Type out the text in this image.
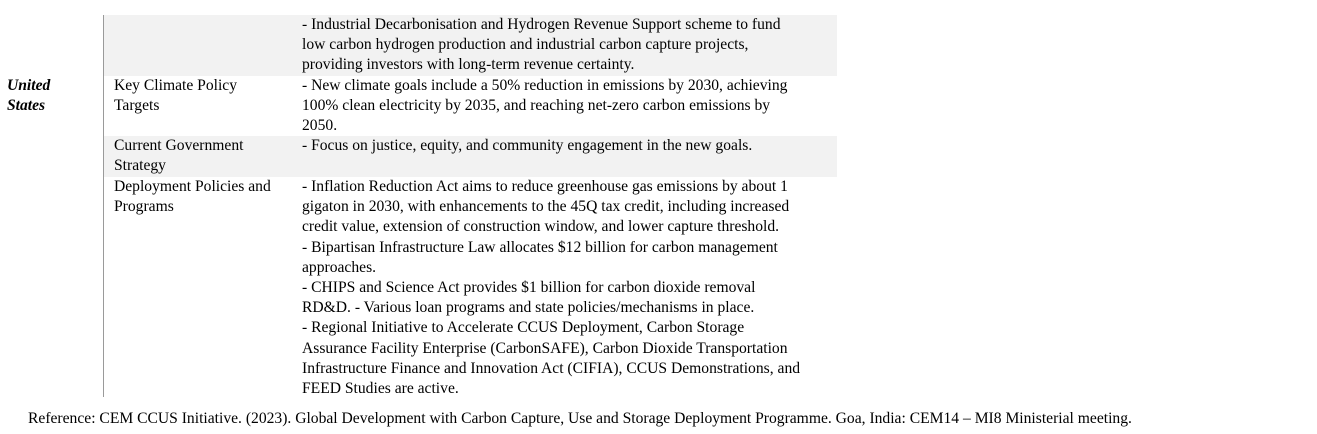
United
States
- Industrial Decarbonisation and Hydrogen Revenue Support scheme to fund
low carbon hydrogen production and industrial carbon capture projects,
providing investors with long-term revenue certainty.
Key Climate Policy
Targets
- New climate goals include a 50% reduction in emissions by 2030, achieving
100% clean electricity by 2035, and reaching net-zero carbon emissions by
2050.
Current Government
Strategy
- Focus on justice, equity, and community engagement in the new goals.
Deployment Policies and
Programs
- Inflation Reduction Act aims to reduce greenhouse gas emissions by about 1
gigaton in 2030, with enhancements to the 45Q tax credit, including increased
credit value, extension of construction window, and lower capture threshold.
- Bipartisan Infrastructure Law allocates $12 billion for carbon management
approaches.
- CHIPS and Science Act provides $1 billion for carbon dioxide removal
RD&D. - Various loan programs and state policies/mechanisms in place.
- Regional Initiative to Accelerate CCUS Deployment, Carbon Storage
Assurance Facility Enterprise (CarbonSAFE), Carbon Dioxide Transportation
Infrastructure Finance and Innovation Act (CIFIA), CCUS Demonstrations, and
FEED Studies are active.
Reference: CEM CCUS Initiative. (2023). Global Development with Carbon Capture, Use and Storage Deployment Programme. Goa, India: CEM14 – MI8 Ministerial meeting.
